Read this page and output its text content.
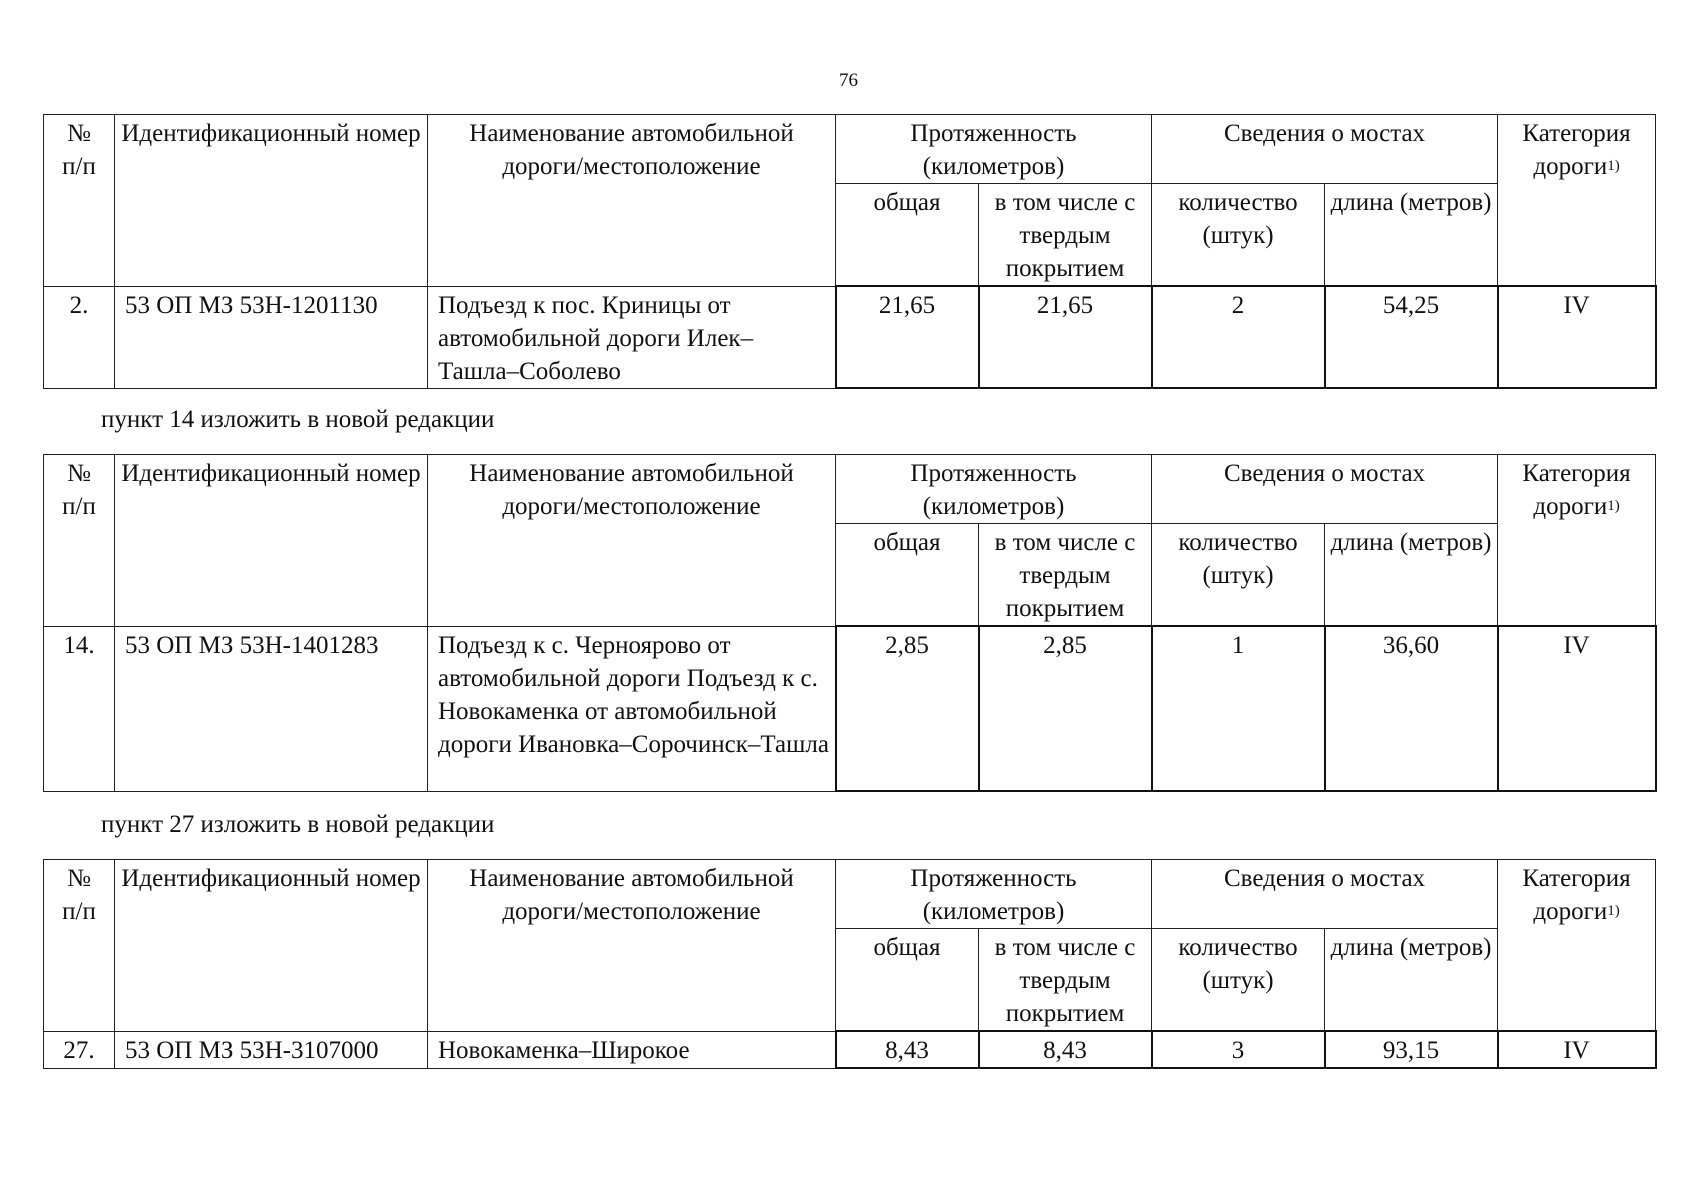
76
№
п/п	Идентификационный номер	Наименование автомобильной дороги/местоположение	Протяженность (километров)		Сведения о мостах		Категория дороги$^{1)}$
			общая	в том числе с твердым покрытием	количество (штук)	длина (метров)	
2.	53 ОП МЗ 53Н-1201130	Подъезд к пос. Криницы от автомобильной дороги Илек–Ташла–Соболево	21,65	21,65	2	54,25	IV
пункт 14 изложить в новой редакции
№
п/п	Идентификационный номер	Наименование автомобильной дороги/местоположение	Протяженность (километров)		Сведения о мостах		Категория дороги$^{1)}$
			общая	в том числе с твердым покрытием	количество (штук)	длина (метров)	
14.	53 ОП МЗ 53Н-1401283	Подъезд к с. Черноярово от автомобильной дороги Подъезд к с. Новокаменка от автомобильной дороги Ивановка–Сорочинск–Ташла	2,85	2,85	1	36,60	IV
пункт 27 изложить в новой редакции
№
п/п	Идентификационный номер	Наименование автомобильной дороги/местоположение	Протяженность (километров)		Сведения о мостах		Категория дороги$^{1)}$
			общая	в том числе с твердым покрытием	количество (штук)	длина (метров)	
27.	53 ОП МЗ 53Н-3107000	Новокаменка–Широкое	8,43	8,43	3	93,15	IV
